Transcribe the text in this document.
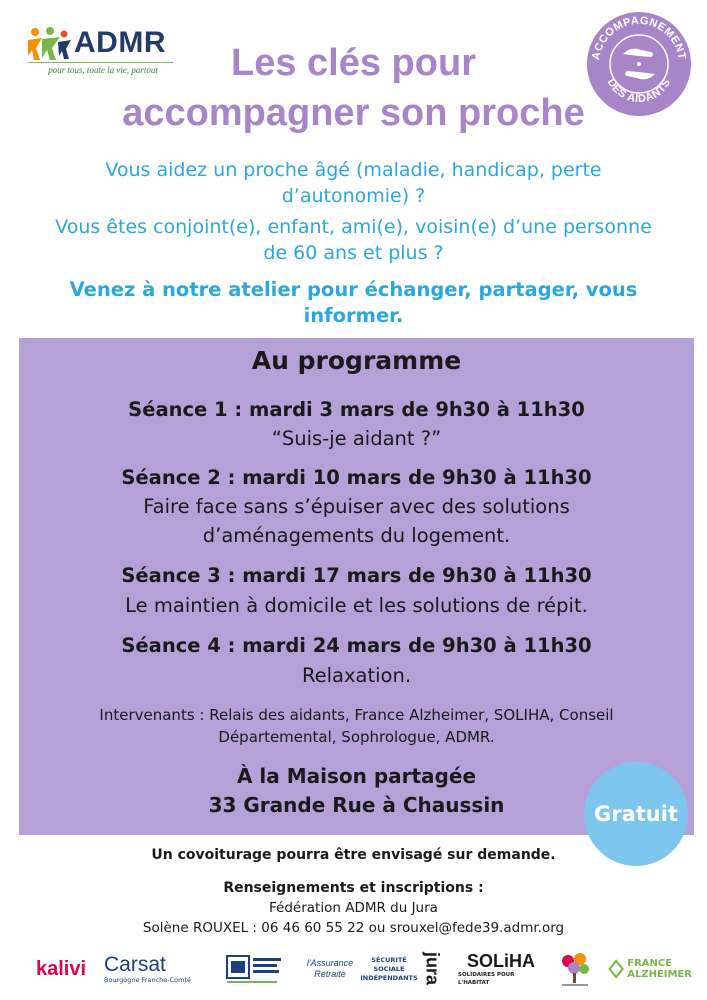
ADMR
pour tous, toute la vie, partout
ACCOMPAGNEMENT
DES AIDANTS
Les clés pour
accompagner son proche
Vous aidez un proche âgé (maladie, handicap, perte
d’autonomie) ?
Vous êtes conjoint(e), enfant, ami(e), voisin(e) d’une personne
de 60 ans et plus ?
Venez à notre atelier pour échanger, partager, vous
informer.
Au programme
Séance 1 : mardi 3 mars de 9h30 à 11h30
“Suis-je aidant ?”
Séance 2 : mardi 10 mars de 9h30 à 11h30
Faire face sans s’épuiser avec des solutions
d’aménagements du logement.
Séance 3 : mardi 17 mars de 9h30 à 11h30
Le maintien à domicile et les solutions de répit.
Séance 4 : mardi 24 mars de 9h30 à 11h30
Relaxation.
Intervenants : Relais des aidants, France Alzheimer, SOLIHA, Conseil
Départemental, Sophrologue, ADMR.
À la Maison partagée
33 Grande Rue à Chaussin	Gratuit
Un covoiturage pourra être envisagé sur demande.
Renseignements et inscriptions :
Fédération ADMR du Jura
Solène ROUXEL : 06 46 60 55 22 ou srouxel@fede39.admr.org
kalivi Carsat
Bourgogne Franche-Comté
l'Assurance Retraite
SÉCURITÉ SOCIALE INDÉPENDANTS jura SOLiHA
SOLIDAIRES POUR L'HABITAT
FRANCE
ALZHEIMER
